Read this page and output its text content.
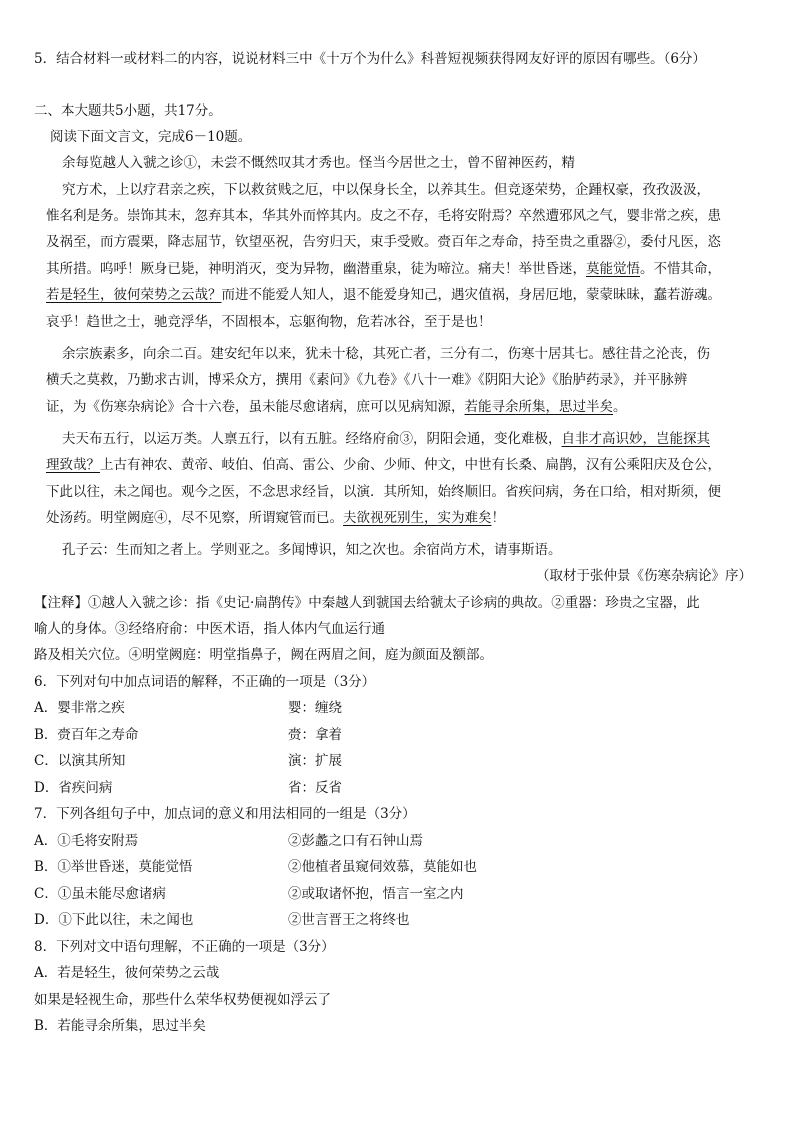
5．结合材料一或材料二的内容，说说材料三中《十万个为什么》科普短视频获得网友好评的原因有哪些。（6分）
二、本大题共5小题，共17分。
阅读下面文言文，完成6－10题。
余每览越人入虢之诊①，未尝不慨然叹其才秀也。怪当今居世之士，曾不留神医药，精
究方术，上以疗君亲之疾，下以救贫贱之厄，中以保身长全，以养其生。但竞逐荣势，企踵权豪，孜孜汲汲，
惟名利是务。崇饰其末，忽弃其本，华其外而悴其内。皮之不存，毛将安附焉？卒然遭邪风之气，婴非常之疾，患
及祸至，而方震栗，降志屈节，钦望巫祝，告穷归天，束手受败。赍百年之寿命，持至贵之重器②，委付凡医，恣
其所措。呜呼！厥身已毙，神明消灭，变为异物，幽潜重泉，徒为啼泣。痛夫！举世昏迷，莫能觉悟。不惜其命，
若是轻生，彼何荣势之云哉？而进不能爱人知人，退不能爱身知己，遇灾值祸，身居厄地，蒙蒙昧昧，蠢若游魂。
哀乎！趋世之士，驰竞浮华，不固根本，忘躯徇物，危若冰谷，至于是也！
余宗族素多，向余二百。建安纪年以来，犹未十稔，其死亡者，三分有二，伤寒十居其七。感往昔之沦丧，伤
横夭之莫救，乃勤求古训，博采众方，撰用《素问》《九卷》《八十一难》《阴阳大论》《胎胪药录》，并平脉辨
证，为《伤寒杂病论》合十六卷，虽未能尽愈诸病，庶可以见病知源，若能寻余所集，思过半矣。
夫天布五行，以运万类。人禀五行，以有五脏。经络府俞③，阴阳会通，变化难极，自非才高识妙，岂能探其
理致哉？上古有神农、黄帝、岐伯、伯高、雷公、少俞、少师、仲文，中世有长桑、扁鹊，汉有公乘阳庆及仓公，
下此以往，未之闻也。观今之医，不念思求经旨，以演．其所知，始终顺旧。省疾问病，务在口给，相对斯须，便
处汤药。明堂阙庭④，尽不见察，所谓窥管而已。夫欲视死别生，实为难矣！
孔子云：生而知之者上。学则亚之。多闻博识，知之次也。余宿尚方术，请事斯语。
（取材于张仲景《伤寒杂病论》序）
【注释】①越人入虢之诊：指《史记·扁鹊传》中秦越人到虢国去给虢太子诊病的典故。②重器：珍贵之宝器，此
喻人的身体。③经络府俞：中医术语，指人体内气血运行通
路及相关穴位。④明堂阙庭：明堂指鼻子，阙在两眉之间，庭为颜面及额部。
6．下列对句中加点词语的解释，不正确的一项是（3分）
A．婴非常之疾	婴：缠绕
B．赍百年之寿命	赍：拿着
C．以演其所知	演：扩展
D．省疾问病	省：反省
7．下列各组句子中，加点词的意义和用法相同的一组是（3分）
A．①毛将安附焉	②彭蠡之口有石钟山焉
B．①举世昏迷，莫能觉悟	②他植者虽窥伺效慕，莫能如也
C．①虽未能尽愈诸病	②或取诸怀抱，悟言一室之内
D．①下此以往，未之闻也	②世言晋王之将终也
8．下列对文中语句理解，不正确的一项是（3分）
A．若是轻生，彼何荣势之云哉
如果是轻视生命，那些什么荣华权势便视如浮云了
B．若能寻余所集，思过半矣
